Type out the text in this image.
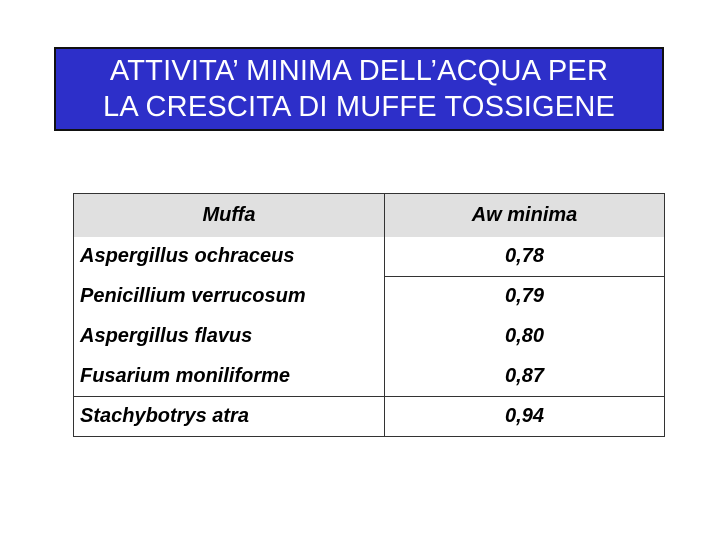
ATTIVITA’ MINIMA DELL’ACQUA PER
LA CRESCITA DI MUFFE TOSSIGENE
Muffa	Aw minima
Aspergillus ochraceus	0,78
Penicillium verrucosum	0,79
Aspergillus flavus	0,80
Fusarium moniliforme	0,87
Stachybotrys atra	0,94
